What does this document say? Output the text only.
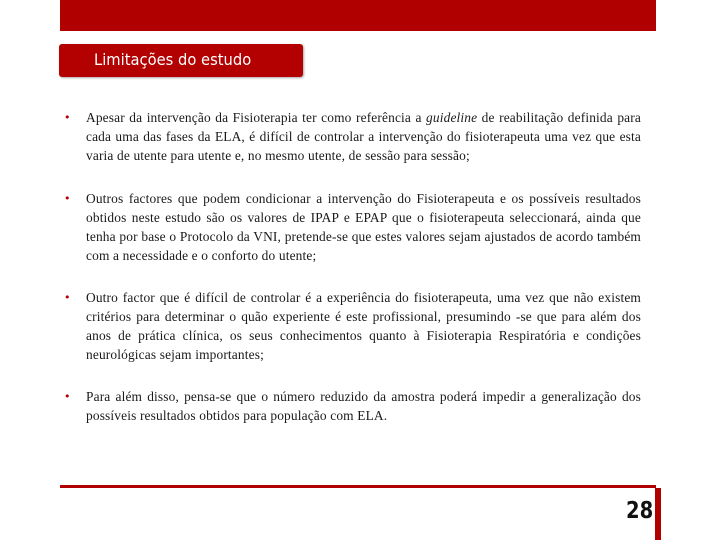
Limitações do estudo
• Apesar da intervenção da Fisioterapia ter como referência a guideline de reabilitação definida para cada uma das fases da ELA, é difícil de controlar a intervenção do fisioterapeuta uma vez que esta varia de utente para utente e, no mesmo utente, de sessão para sessão;
• Outros factores que podem condicionar a intervenção do Fisioterapeuta e os possíveis resultados obtidos neste estudo são os valores de IPAP e EPAP que o fisioterapeuta seleccionará, ainda que tenha por base o Protocolo da VNI, pretende-se que estes valores sejam ajustados de acordo também com a necessidade e o conforto do utente;
• Outro factor que é difícil de controlar é a experiência do fisioterapeuta, uma vez que não existem critérios para determinar o quão experiente é este profissional, presumindo -se que para além dos anos de prática clínica, os seus conhecimentos quanto à Fisioterapia Respiratória e condições neurológicas sejam importantes;
• Para além disso, pensa-se que o número reduzido da amostra poderá impedir a generalização dos possíveis resultados obtidos para população com ELA.
28
